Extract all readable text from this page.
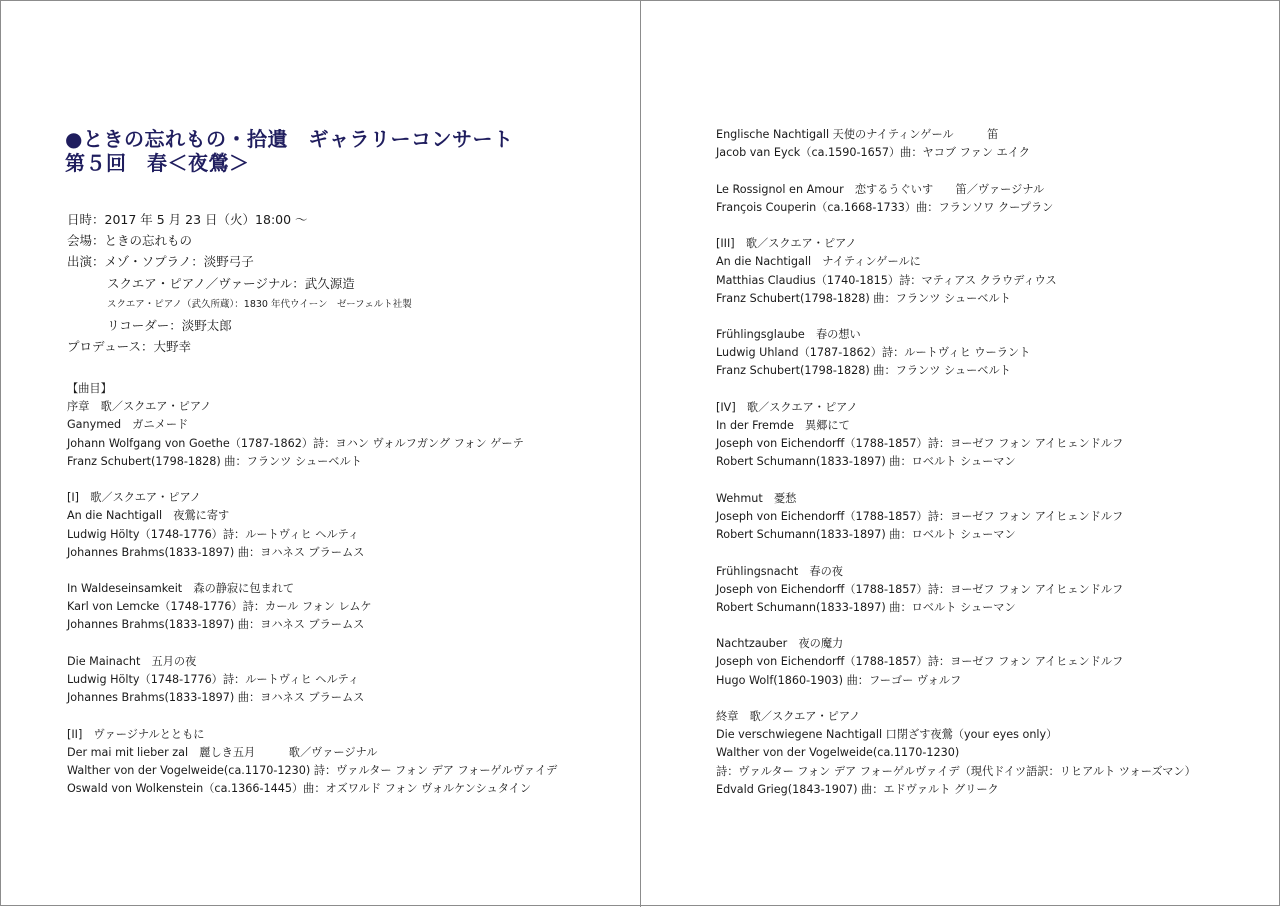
●ときの忘れもの・拾遺　ギャラリーコンサート
第５回　春＜夜鶯＞
日時：2017 年 5 月 23 日（火）18:00 〜
会場：ときの忘れもの
出演：メゾ・ソプラノ：淡野弓子
スクエア・ピアノ／ヴァージナル：武久源造
スクエア・ピアノ（武久所蔵）：1830 年代ウイーン　ゼーフェルト社製
リコーダー：淡野太郎
プロデュース：大野幸
【曲目】
序章　歌／スクエア・ピアノ
Ganymed　ガニメード
Johann Wolfgang von Goethe（1787-1862）詩：ヨハン ヴォルフガング フォン ゲーテ
Franz Schubert(1798-1828) 曲：フランツ シューベルト
[I]　歌／スクエア・ピアノ
An die Nachtigall　夜鶯に寄す
Ludwig Hölty（1748-1776）詩：ルートヴィヒ ヘルティ
Johannes Brahms(1833-1897) 曲：ヨハネス ブラームス
In Waldeseinsamkeit　森の静寂に包まれて
Karl von Lemcke（1748-1776）詩：カール フォン レムケ
Johannes Brahms(1833-1897) 曲：ヨハネス ブラームス
Die Mainacht　五月の夜
Ludwig Hölty（1748-1776）詩：ルートヴィヒ ヘルティ
Johannes Brahms(1833-1897) 曲：ヨハネス ブラームス
[II]　ヴァージナルとともに
Der mai mit lieber zal　麗しき五月　　　歌／ヴァージナル
Walther von der Vogelweide(ca.1170-1230) 詩：ヴァルター フォン デア フォーゲルヴァイデ
Oswald von Wolkenstein（ca.1366-1445）曲：オズワルド フォン ヴォルケンシュタイン
Englische Nachtigall 天使のナイティンゲール　　　笛
Jacob van Eyck（ca.1590-1657）曲：ヤコブ ファン エイク
Le Rossignol en Amour　恋するうぐいす　　笛／ヴァージナル
François Couperin（ca.1668-1733）曲：フランソワ クープラン
[III]　歌／スクエア・ピアノ
An die Nachtigall　ナイティンゲールに
Matthias Claudius（1740-1815）詩：マティアス クラウディウス
Franz Schubert(1798-1828) 曲：フランツ シューベルト
Frühlingsglaube　春の想い
Ludwig Uhland（1787-1862）詩：ルートヴィヒ ウーラント
Franz Schubert(1798-1828) 曲：フランツ シューベルト
[IV]　歌／スクエア・ピアノ
In der Fremde　異郷にて
Joseph von Eichendorff（1788-1857）詩：ヨーゼフ フォン アイヒェンドルフ
Robert Schumann(1833-1897) 曲：ロベルト シューマン
Wehmut　憂愁
Joseph von Eichendorff（1788-1857）詩：ヨーゼフ フォン アイヒェンドルフ
Robert Schumann(1833-1897) 曲：ロベルト シューマン
Frühlingsnacht　春の夜
Joseph von Eichendorff（1788-1857）詩：ヨーゼフ フォン アイヒェンドルフ
Robert Schumann(1833-1897) 曲：ロベルト シューマン
Nachtzauber　夜の魔力
Joseph von Eichendorff（1788-1857）詩：ヨーゼフ フォン アイヒェンドルフ
Hugo Wolf(1860-1903) 曲：フーゴー ヴォルフ
終章　歌／スクエア・ピアノ
Die verschwiegene Nachtigall 口閉ざす夜鶯（your eyes only）
Walther von der Vogelweide(ca.1170-1230)
詩：ヴァルター フォン デア フォーゲルヴァイデ（現代ドイツ語訳：リヒアルト ツォーズマン）
Edvald Grieg(1843-1907) 曲：エドヴァルト グリーク
